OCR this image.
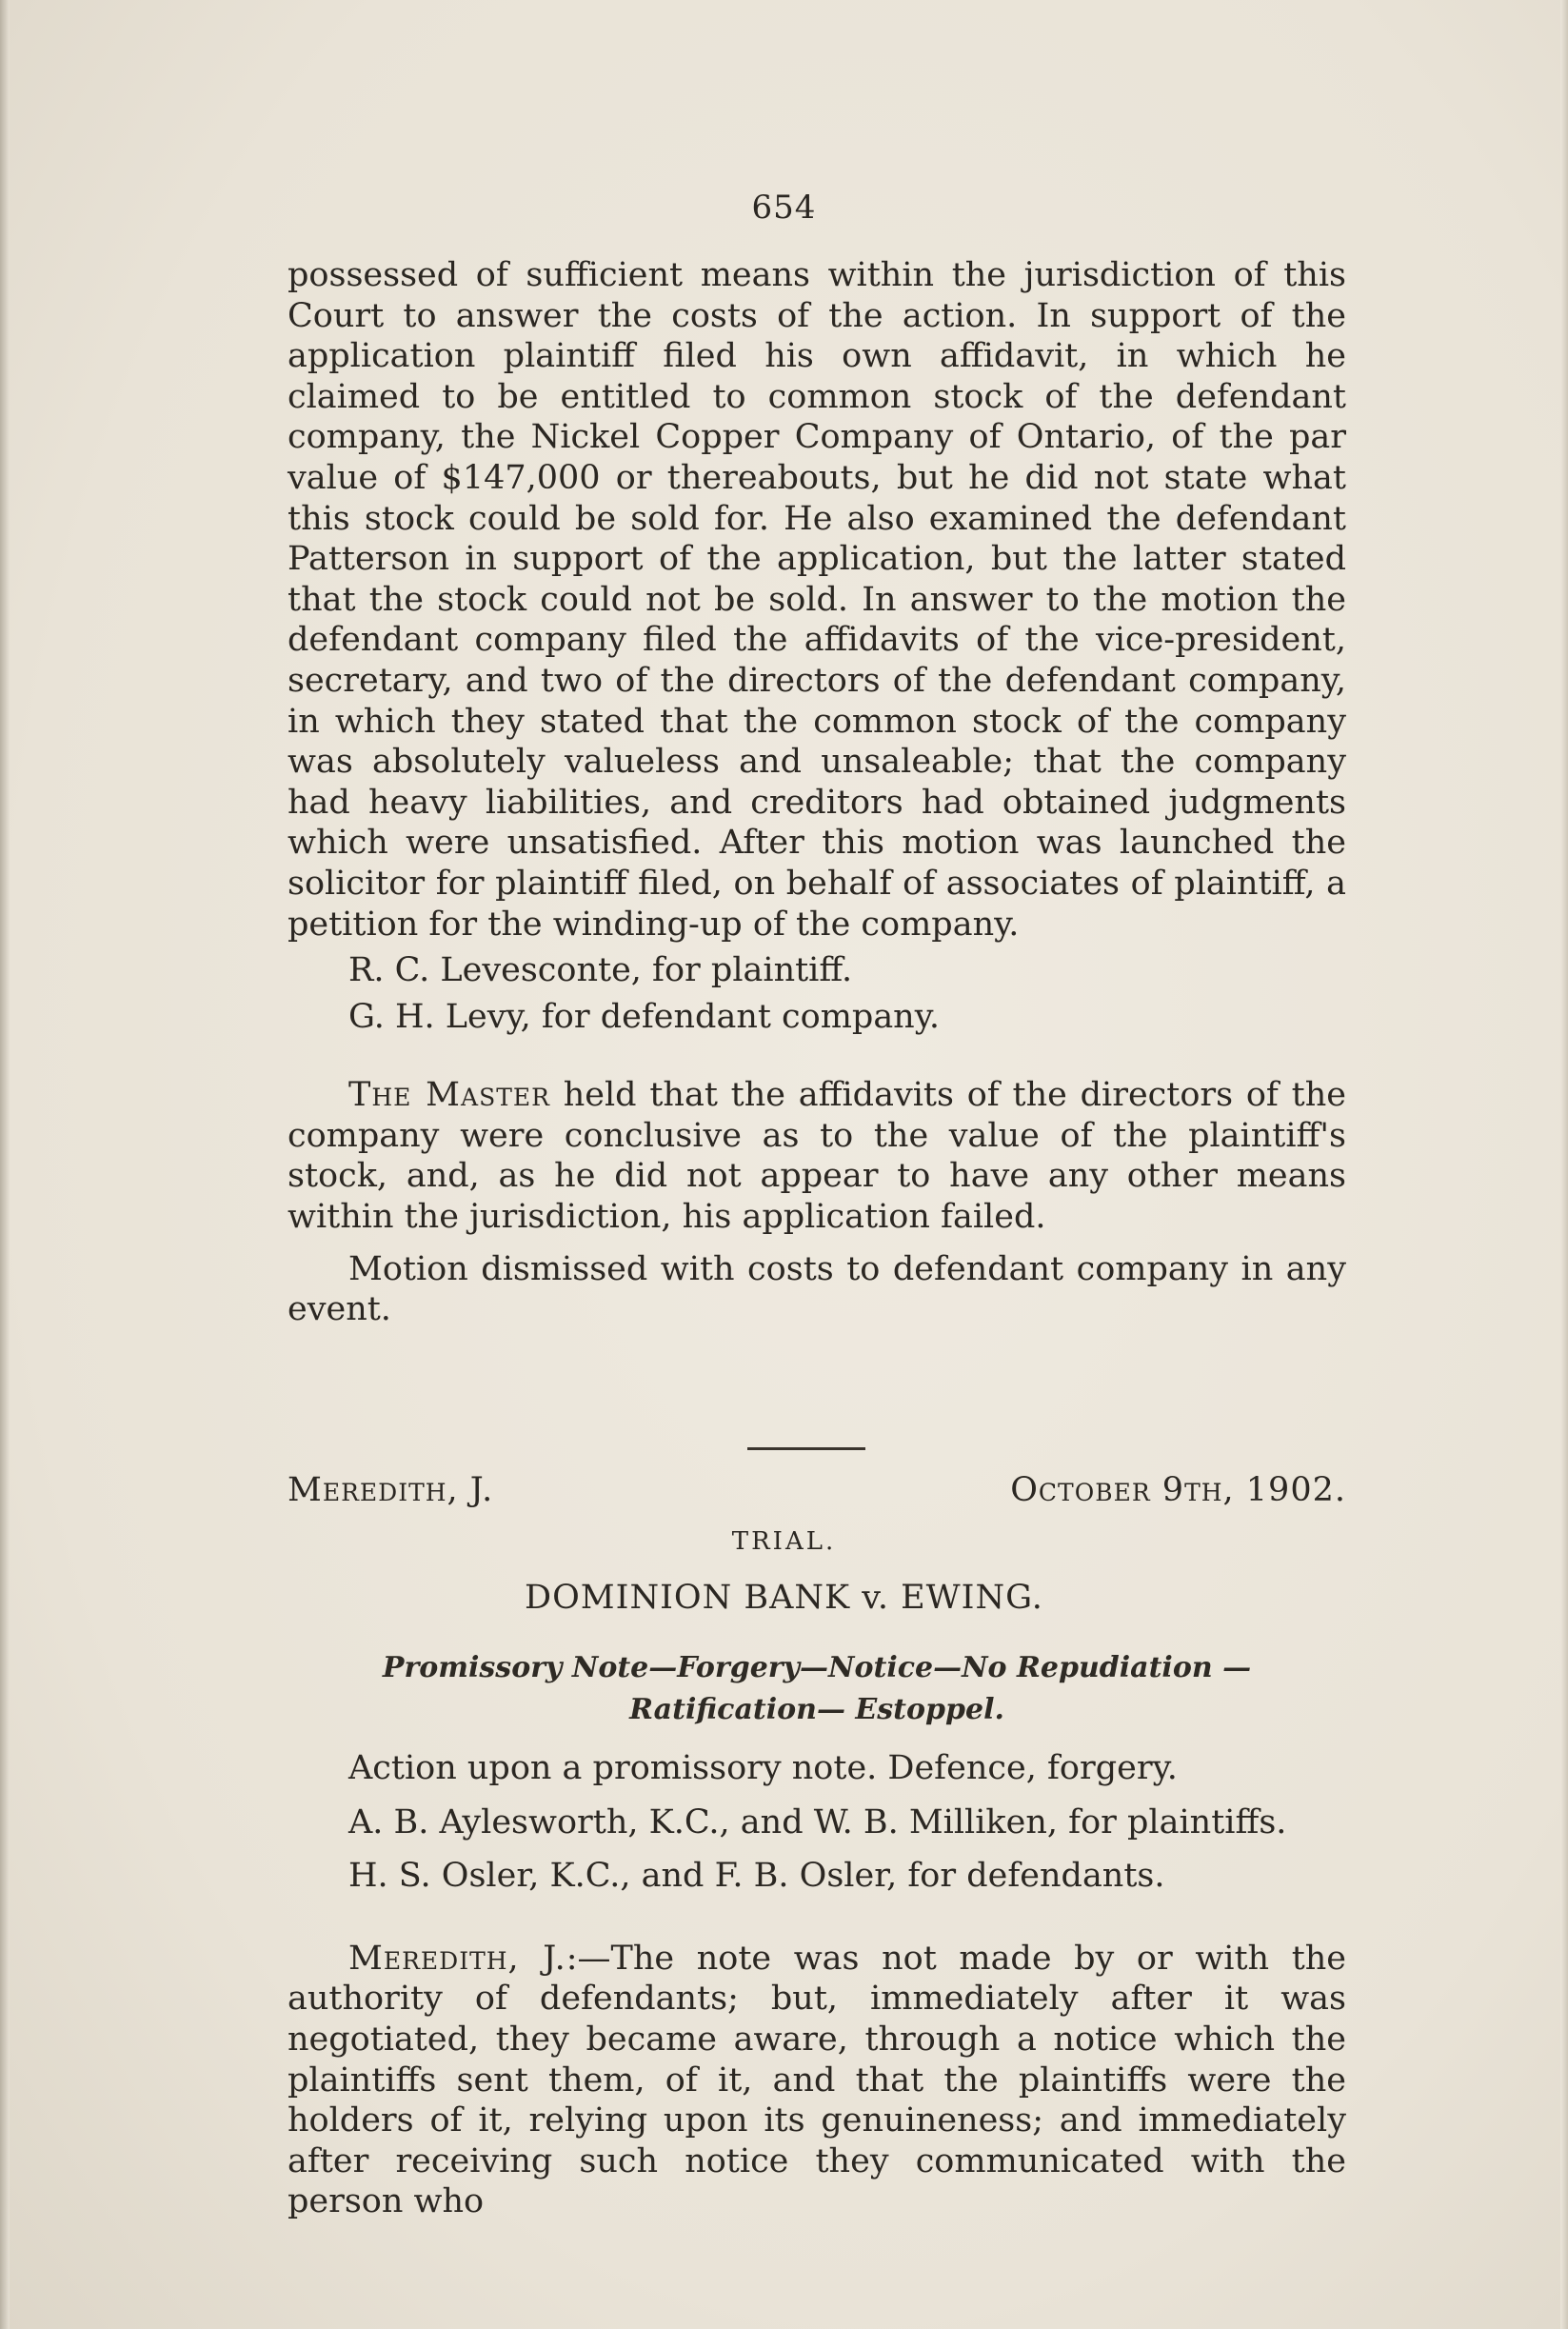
654

possessed of sufficient means within the jurisdiction of this Court to answer the costs of the action. In support of the application plaintiff filed his own affidavit, in which he claimed to be entitled to common stock of the defendant company, the Nickel Copper Company of Ontario, of the par value of $147,000 or thereabouts, but he did not state what this stock could be sold for. He also examined the defendant Patterson in support of the application, but the latter stated that the stock could not be sold. In answer to the motion the defendant company filed the affidavits of the vice-president, secretary, and two of the directors of the defendant company, in which they stated that the common stock of the company was absolutely valueless and unsaleable; that the company had heavy liabilities, and creditors had obtained judgments which were unsatisfied. After this motion was launched the solicitor for plaintiff filed, on behalf of associates of plaintiff, a petition for the winding-up of the company.

R. C. Levesconte, for plaintiff.

G. H. Levy, for defendant company.

The Master held that the affidavits of the directors of the company were conclusive as to the value of the plaintiff's stock, and, as he did not appear to have any other means within the jurisdiction, his application failed.

Motion dismissed with costs to defendant company in any event.

Meredith, J.	October 9th, 1902.
TRIAL.
DOMINION BANK v. EWING.
Promissory Note—Forgery—Notice—No Repudiation — Ratification— Estoppel.

Action upon a promissory note. Defence, forgery.

A. B. Aylesworth, K.C., and W. B. Milliken, for plaintiffs.

H. S. Osler, K.C., and F. B. Osler, for defendants.

Meredith, J.:—The note was not made by or with the authority of defendants; but, immediately after it was negotiated, they became aware, through a notice which the plaintiffs sent them, of it, and that the plaintiffs were the holders of it, relying upon its genuineness; and immediately after receiving such notice they communicated with the person who
